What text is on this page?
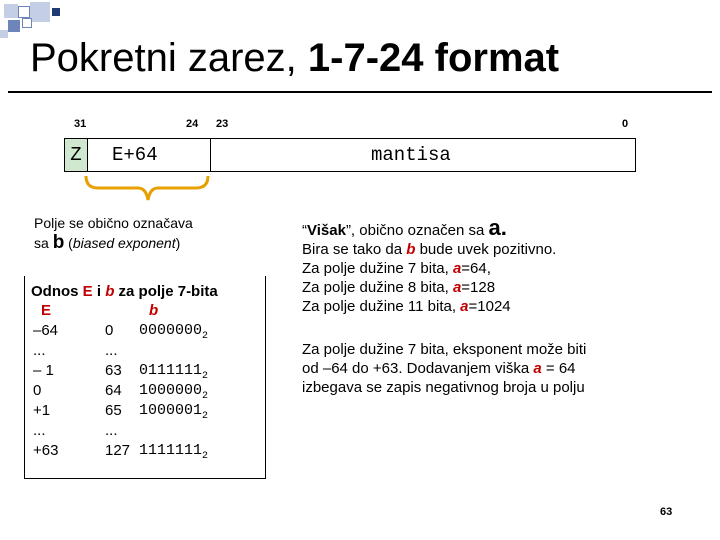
Pokretni zarez, 1-7-24 format
31	24 23	0
Z	E+64	mantisa
Polje se obično označava
sa b (biased exponent)
Odnos E i b za polje 7-bita
E	b
–64	0 $0000000_2$
...	...
– 1	63 $0111111_2$
0	64 $1000000_2$
+1	65 $1000001_2$
...	...
+63	127 $1111111_2$
“Višak”, obično označen sa a.
Bira se tako da b bude uvek pozitivno.
Za polje dužine 7 bita, a=64,
Za polje dužine 8 bita, a=128
Za polje dužine 11 bita, a=1024
Za polje dužine 7 bita, eksponent može biti
od –64 do +63. Dodavanjem viška a = 64
izbegava se zapis negativnog broja u polju
63
